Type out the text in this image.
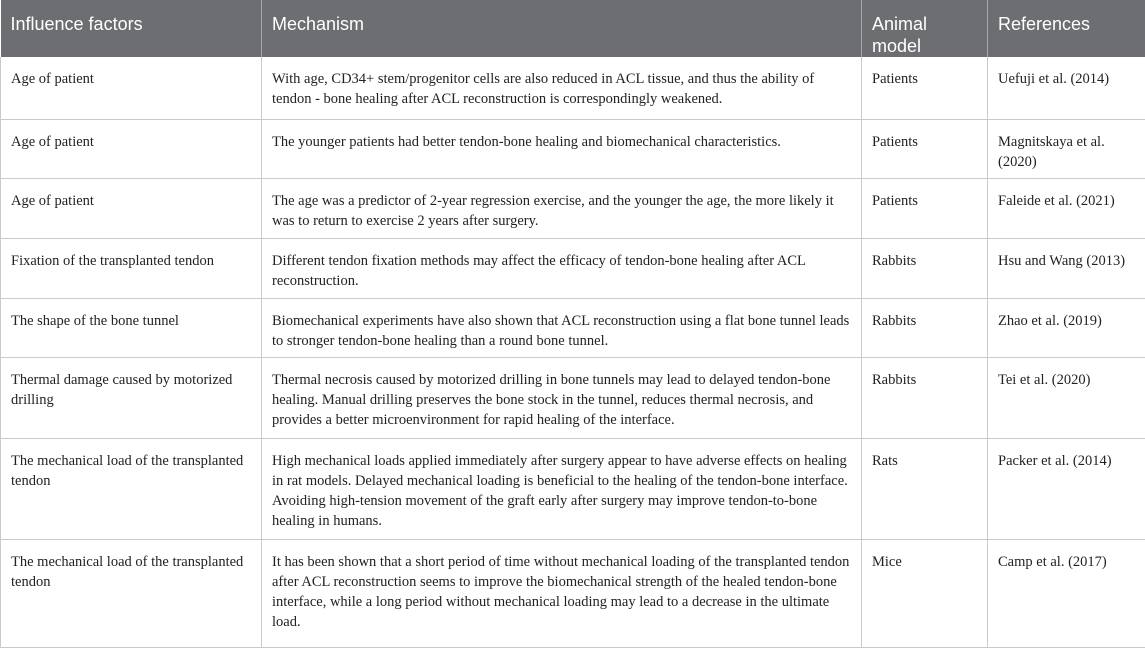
Influence factors	Mechanism	Animal model	References
Age of patient	With age, CD34+ stem/progenitor cells are also reduced in ACL tissue, and thus the ability of tendon - bone healing after ACL reconstruction is correspondingly weakened.	Patients	Uefuji et al. (2014)
Age of patient	The younger patients had better tendon-bone healing and biomechanical characteristics.	Patients	Magnitskaya et al. (2020)
Age of patient	The age was a predictor of 2-year regression exercise, and the younger the age, the more likely it was to return to exercise 2 years after surgery.	Patients	Faleide et al. (2021)
Fixation of the transplanted tendon	Different tendon fixation methods may affect the efficacy of tendon-bone healing after ACL reconstruction.	Rabbits	Hsu and Wang (2013)
The shape of the bone tunnel	Biomechanical experiments have also shown that ACL reconstruction using a flat bone tunnel leads to stronger tendon-bone healing than a round bone tunnel.	Rabbits	Zhao et al. (2019)
Thermal damage caused by motorized drilling	Thermal necrosis caused by motorized drilling in bone tunnels may lead to delayed tendon-bone healing. Manual drilling preserves the bone stock in the tunnel, reduces thermal necrosis, and provides a better microenvironment for rapid healing of the interface.	Rabbits	Tei et al. (2020)
The mechanical load of the transplanted tendon	High mechanical loads applied immediately after surgery appear to have adverse effects on healing in rat models. Delayed mechanical loading is beneficial to the healing of the tendon-bone interface. Avoiding high-tension movement of the graft early after surgery may improve tendon-to-bone healing in humans.	Rats	Packer et al. (2014)
The mechanical load of the transplanted tendon	It has been shown that a short period of time without mechanical loading of the transplanted tendon after ACL reconstruction seems to improve the biomechanical strength of the healed tendon-bone interface, while a long period without mechanical loading may lead to a decrease in the ultimate load.	Mice	Camp et al. (2017)
